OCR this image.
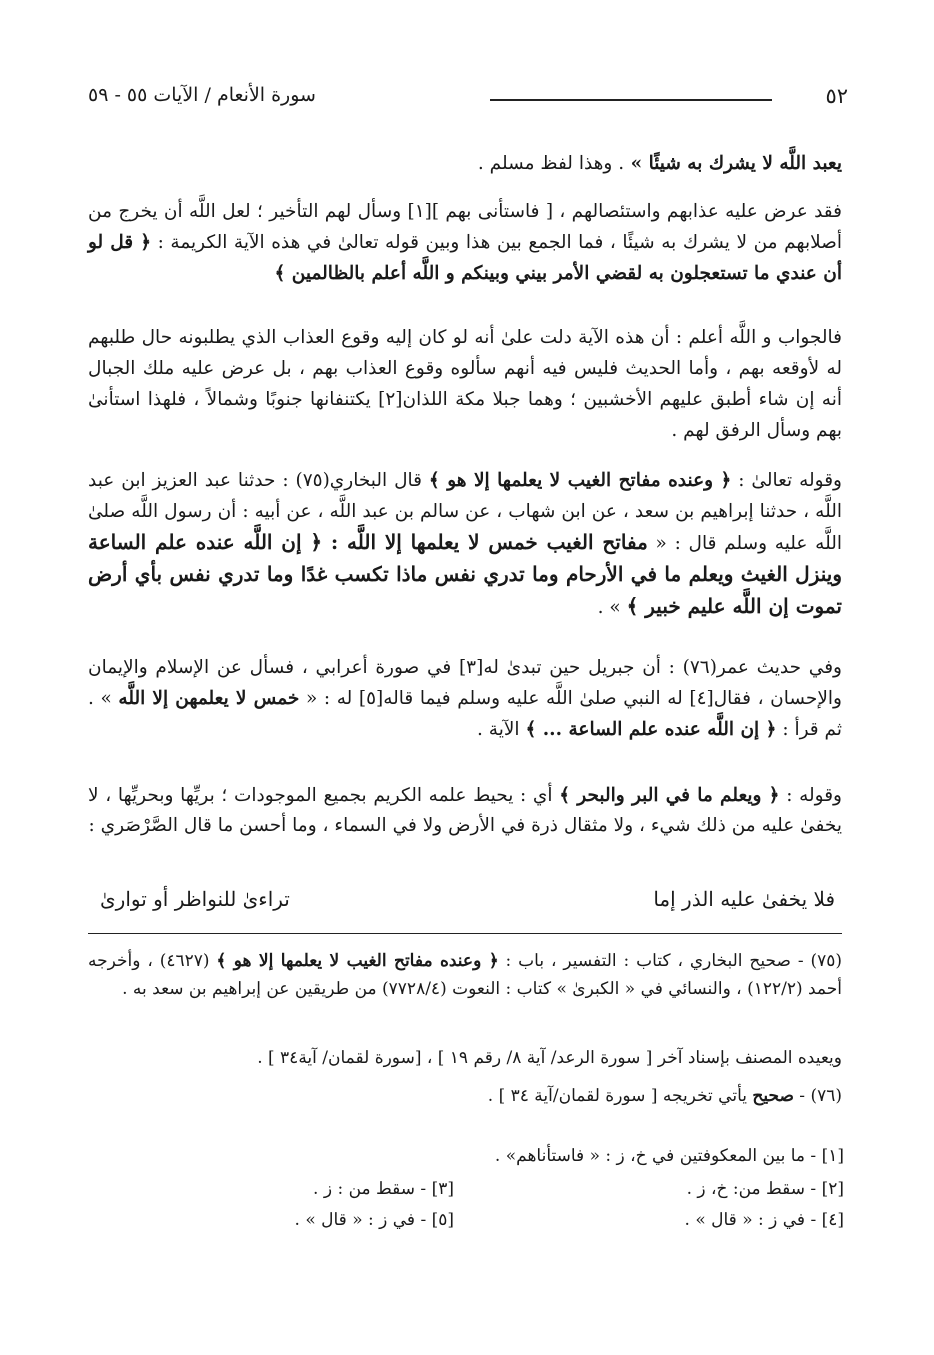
٥٢
سورة الأنعام / الآيات ٥٥ - ٥٩

يعبد اللَّه لا يشرك به شيئًا » . وهذا لفظ مسلم .

فقد عرض عليه عذابهم واستئصالهم ، [ فاستأنى بهم ][١] وسأل لهم التأخير ؛ لعل اللَّه أن يخرج من أصلابهم من لا يشرك به شيئًا ، فما الجمع بين هذا وبين قوله تعالىٰ في هذه الآية الكريمة : ﴿ قل لو أن عندي ما تستعجلون به لقضي الأمر بيني وبينكم و اللَّه أعلم بالظالمين ﴾

فالجواب و اللَّه أعلم : أن هذه الآية دلت علىٰ أنه لو كان إليه وقوع العذاب الذي يطلبونه حال طلبهم له لأوقعه بهم ، وأما الحديث فليس فيه أنهم سألوه وقوع العذاب بهم ، بل عرض عليه ملك الجبال أنه إن شاء أطبق عليهم الأخشبين ؛ وهما جبلا مكة اللذان[٢] يكتنفانها جنوبًا وشمالاً ، فلهذا استأنىٰ بهم وسأل الرفق لهم .

وقوله تعالىٰ : ﴿ وعنده مفاتح الغيب لا يعلمها إلا هو ﴾ قال البخاري(٧٥) : حدثنا عبد العزيز ابن عبد اللَّه ، حدثنا إبراهيم بن سعد ، عن ابن شهاب ، عن سالم بن عبد اللَّه ، عن أبيه : أن رسول اللَّه صلىٰ اللَّه عليه وسلم قال : « مفاتح الغيب خمس لا يعلمها إلا اللَّه : ﴿ إن اللَّه عنده علم الساعة وينزل الغيث ويعلم ما في الأرحام وما تدري نفس ماذا تكسب غدًا وما تدري نفس بأي أرض تموت إن اللَّه عليم خبير ﴾ » .

وفي حديث عمر(٧٦) : أن جبريل حين تبدىٰ له[٣] في صورة أعرابي ، فسأل عن الإسلام والإيمان والإحسان ، فقال[٤] له النبي صلىٰ اللَّه عليه وسلم فيما قاله[٥] له : « خمس لا يعلمهن إلا اللَّه » . ثم قرأ : ﴿ إن اللَّه عنده علم الساعة ... ﴾ الآية .

وقوله : ﴿ ويعلم ما في البر والبحر ﴾ أي : يحيط علمه الكريم بجميع الموجودات ؛ بريِّها وبحريِّها ، لا يخفىٰ عليه من ذلك شيء ، ولا مثقال ذرة في الأرض ولا في السماء ، وما أحسن ما قال الصَّرْصَري :

فلا يخفىٰ عليه الذر إما
تراءىٰ للنواظر أو توارىٰ

(٧٥) - صحيح البخاري ، كتاب : التفسير ، باب : ﴿ وعنده مفاتح الغيب لا يعلمها إلا هو ﴾ (٤٦٢٧) ، وأخرجه أحمد (١٢٢/٢) ، والنسائي في « الكبرىٰ » كتاب : النعوت (٧٧٢٨/٤) من طريقين عن إبراهيم بن سعد به .

ويعيده المصنف بإسناد آخر [ سورة الرعد/ آية ٨/ رقم ١٩ ] ، [سورة لقمان/ آية٣٤ ] .

(٧٦) - صحيح يأتي تخريجه [ سورة لقمان/آية ٣٤ ] .

[١] - ما بين المعكوفتين في خ، ز : « فاستأناهم» .
[٢] - سقط من: خ، ز .
[٣] - سقط من : ز .
[٤] - في ز : « قال » .
[٥] - في ز : « قال » .
